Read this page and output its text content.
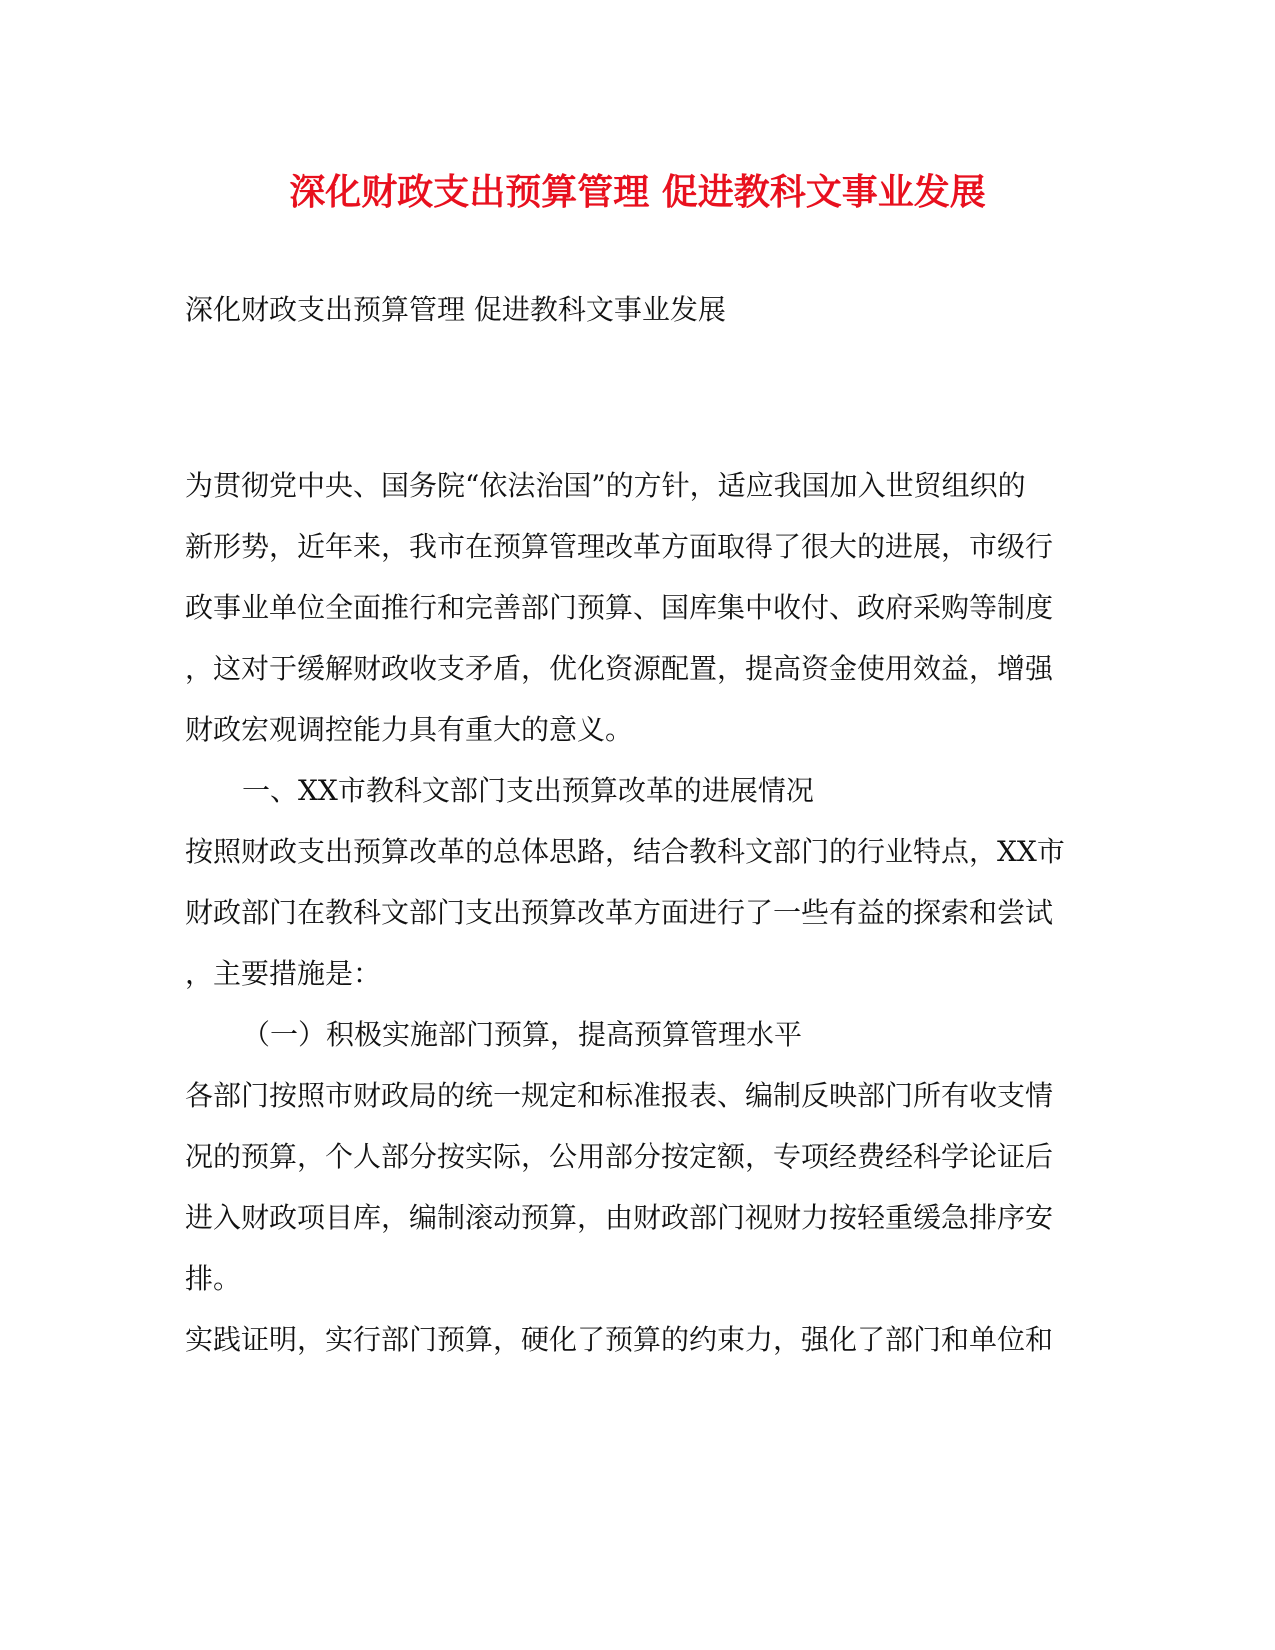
深化财政支出预算管理 促进教科文事业发展
深化财政支出预算管理 促进教科文事业发展
为贯彻党中央、国务院“依法治国”的方针，适应我国加入世贸组织的
新形势，近年来，我市在预算管理改革方面取得了很大的进展，市级行
政事业单位全面推行和完善部门预算、国库集中收付、政府采购等制度
，这对于缓解财政收支矛盾，优化资源配置，提高资金使用效益，增强
财政宏观调控能力具有重大的意义。
一、XX市教科文部门支出预算改革的进展情况
按照财政支出预算改革的总体思路，结合教科文部门的行业特点，XX市
财政部门在教科文部门支出预算改革方面进行了一些有益的探索和尝试
，主要措施是：
（一）积极实施部门预算，提高预算管理水平
各部门按照市财政局的统一规定和标准报表、编制反映部门所有收支情
况的预算，个人部分按实际，公用部分按定额，专项经费经科学论证后
进入财政项目库，编制滚动预算，由财政部门视财力按轻重缓急排序安
排。
实践证明，实行部门预算，硬化了预算的约束力，强化了部门和单位和
